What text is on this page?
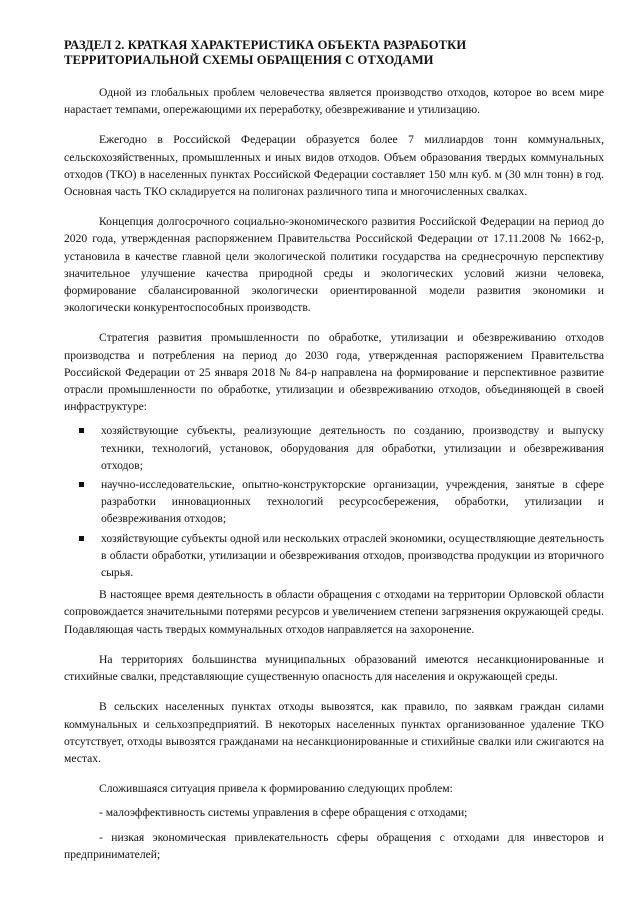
РАЗДЕЛ 2. КРАТКАЯ ХАРАКТЕРИСТИКА ОБЪЕКТА РАЗРАБОТКИ
ТЕРРИТОРИАЛЬНОЙ СХЕМЫ ОБРАЩЕНИЯ С ОТХОДАМИ

Одной из глобальных проблем человечества является производство отходов, которое во всем мире нарастает темпами, опережающими их переработку, обезвреживание и утилизацию.

Ежегодно в Российской Федерации образуется более 7 миллиардов тонн коммунальных, сельскохозяйственных, промышленных и иных видов отходов. Объем образования твердых коммунальных отходов (ТКО) в населенных пунктах Российской Федерации составляет 150 млн куб. м (30 млн тонн) в год. Основная часть ТКО складируется на полигонах различного типа и многочисленных свалках.

Концепция долгосрочного социально-экономического развития Российской Федерации на период до 2020 года, утвержденная распоряжением Правительства Российской Федерации от 17.11.2008 № 1662-р, установила в качестве главной цели экологической политики государства на среднесрочную перспективу значительное улучшение качества природной среды и экологических условий жизни человека, формирование сбалансированной экологически ориентированной модели развития экономики и экологически конкурентоспособных производств.

Стратегия развития промышленности по обработке, утилизации и обезвреживанию отходов производства и потребления на период до 2030 года, утвержденная распоряжением Правительства Российской Федерации от 25 января 2018 № 84-р направлена на формирование и перспективное развитие отрасли промышленности по обработке, утилизации и обезвреживанию отходов, объединяющей в своей инфраструктуре:

хозяйствующие субъекты, реализующие деятельность по созданию, производству и выпуску техники, технологий, установок, оборудования для обработки, утилизации и обезвреживания отходов;
научно-исследовательские, опытно-конструкторские организации, учреждения, занятые в сфере разработки инновационных технологий ресурсосбережения, обработки, утилизации и обезвреживания отходов;
хозяйствующие субъекты одной или нескольких отраслей экономики, осуществляющие деятельность в области обработки, утилизации и обезвреживания отходов, производства продукции из вторичного сырья.

В настоящее время деятельность в области обращения с отходами на территории Орловской области сопровождается значительными потерями ресурсов и увеличением степени загрязнения окружающей среды. Подавляющая часть твердых коммунальных отходов направляется на захоронение.

На территориях большинства муниципальных образований имеются несанкционированные и стихийные свалки, представляющие существенную опасность для населения и окружающей среды.

В сельских населенных пунктах отходы вывозятся, как правило, по заявкам граждан силами коммунальных и сельхозпредприятий. В некоторых населенных пунктах организованное удаление ТКО отсутствует, отходы вывозятся гражданами на несанкционированные и стихийные свалки или сжигаются на местах.

Сложившаяся ситуация привела к формированию следующих проблем:

- малоэффективность системы управления в сфере обращения с отходами;

- низкая экономическая привлекательность сферы обращения с отходами для инвесторов и предпринимателей;
